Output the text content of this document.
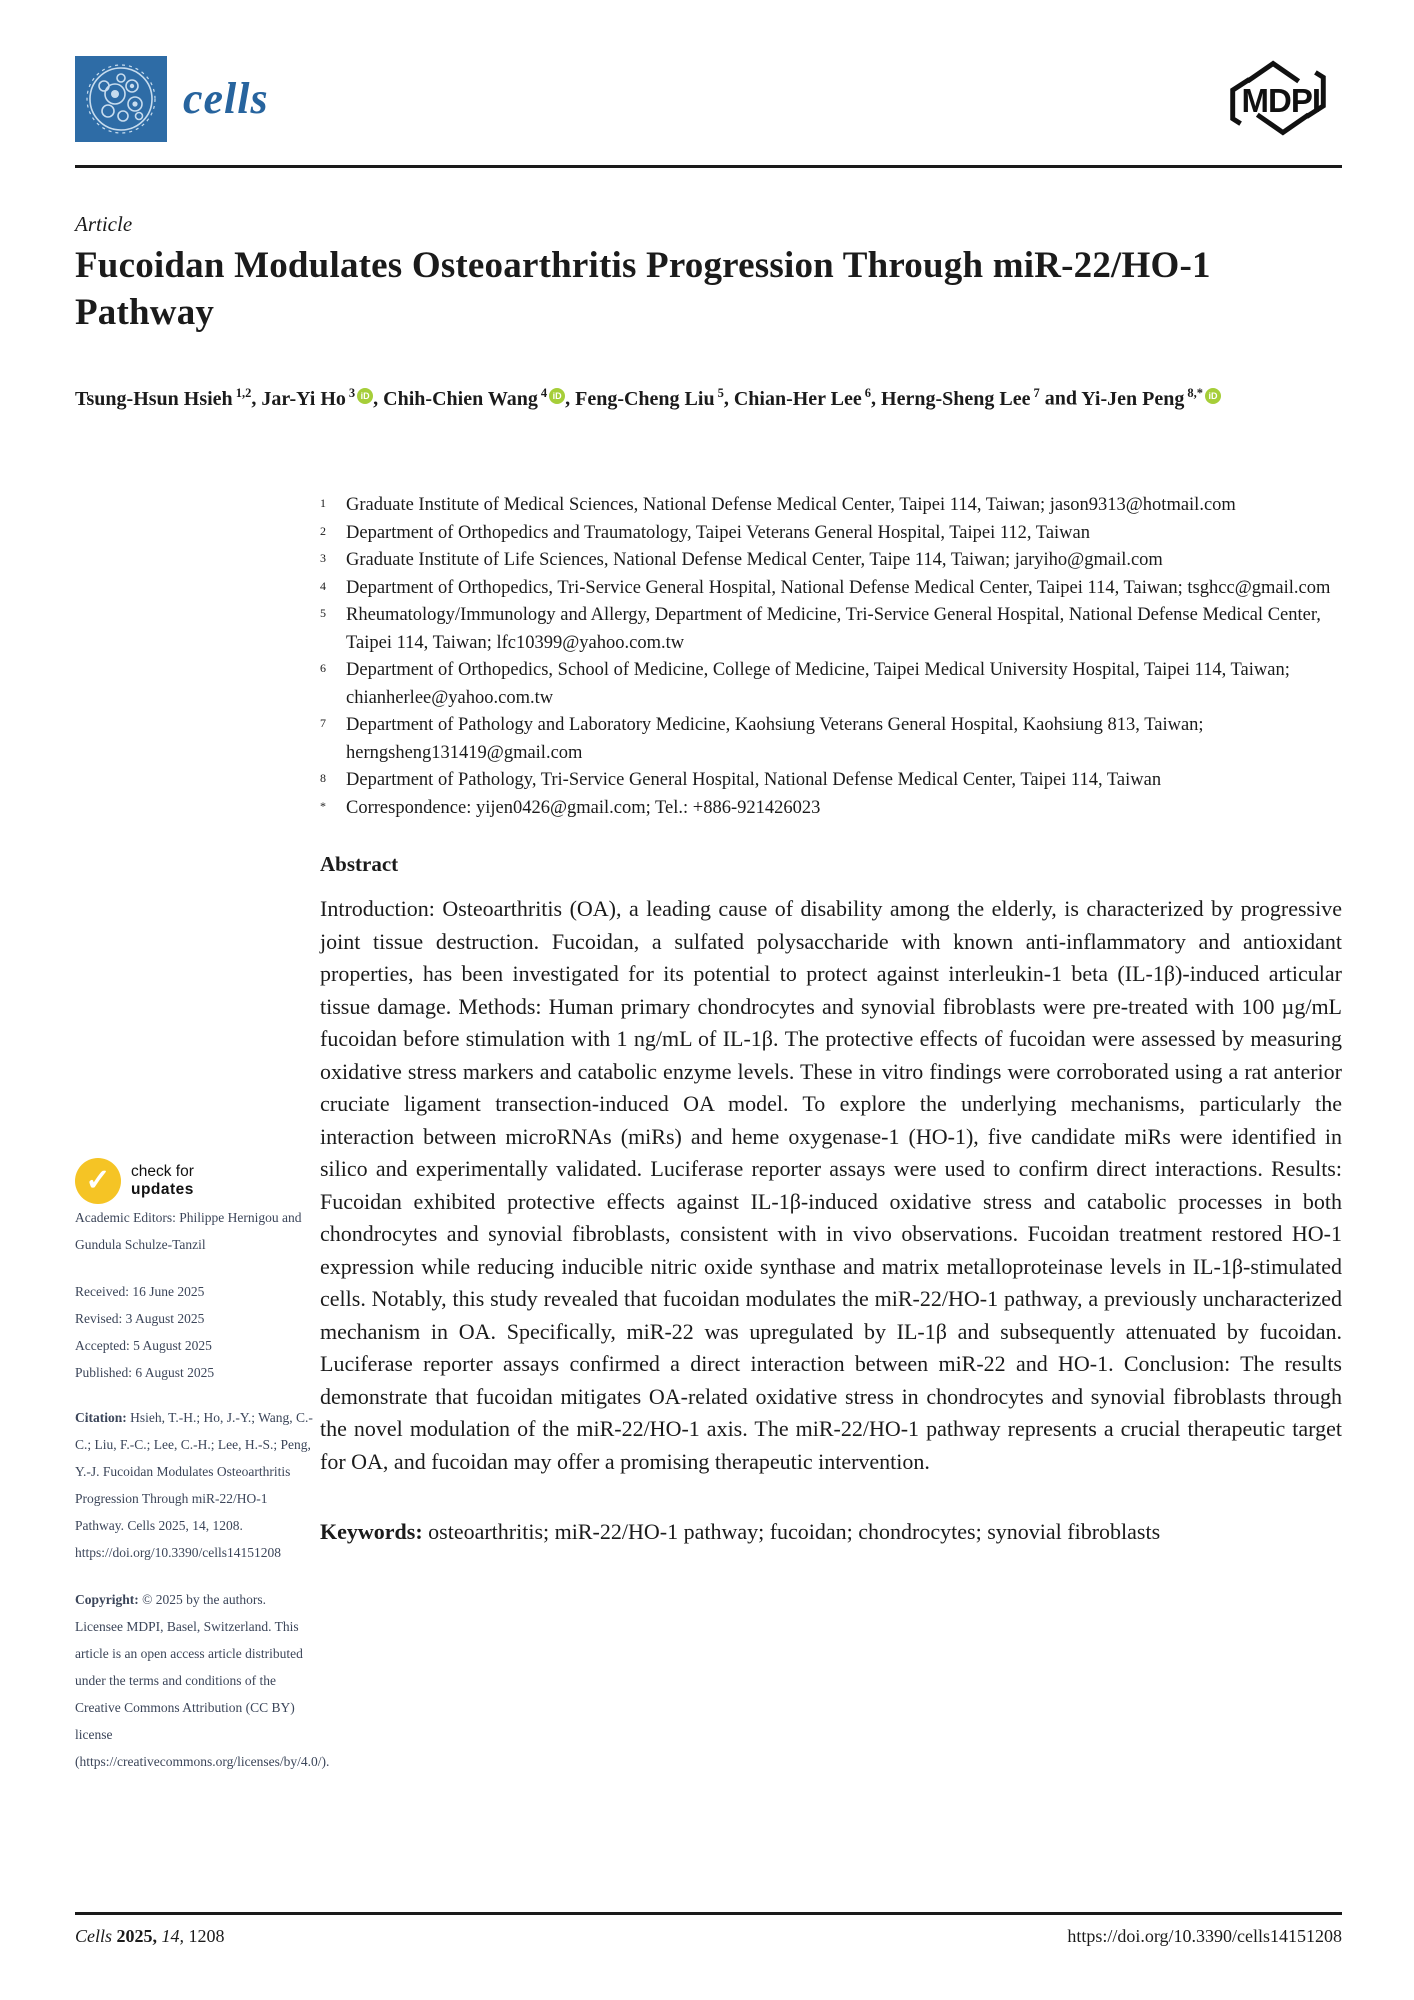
cells	MDPI
Article
Fucoidan Modulates Osteoarthritis Progression Through miR-22/HO-1 Pathway
Tsung-Hsun Hsieh $^{1,2}$, Jar-Yi Ho $^3$ iD , Chih-Chien Wang $^4$ iD , Feng-Cheng Liu $^5$, Chian-Her Lee $^6$, Herng-Sheng Lee $^7$ and Yi-Jen Peng $^{8,*}$ iD
✓	check for
updates

Academic Editors: Philippe Hernigou and Gundula Schulze-Tanzil

Received: 16 June 2025
Revised: 3 August 2025
Accepted: 5 August 2025
Published: 6 August 2025

Citation: Hsieh, T.-H.; Ho, J.-Y.; Wang, C.-C.; Liu, F.-C.; Lee, C.-H.; Lee, H.-S.; Peng, Y.-J. Fucoidan Modulates Osteoarthritis Progression Through miR-22/HO-1 Pathway. Cells 2025, 14, 1208. https://doi.org/10.3390/cells14151208

Copyright: © 2025 by the authors. Licensee MDPI, Basel, Switzerland. This article is an open access article distributed under the terms and conditions of the Creative Commons Attribution (CC BY) license (https://creativecommons.org/licenses/by/4.0/).

1	Graduate Institute of Medical Sciences, National Defense Medical Center, Taipei 114, Taiwan; jason9313@hotmail.com
2	Department of Orthopedics and Traumatology, Taipei Veterans General Hospital, Taipei 112, Taiwan
3	Graduate Institute of Life Sciences, National Defense Medical Center, Taipe 114, Taiwan; jaryiho@gmail.com
4	Department of Orthopedics, Tri-Service General Hospital, National Defense Medical Center, Taipei 114, Taiwan; tsghcc@gmail.com
5	Rheumatology/Immunology and Allergy, Department of Medicine, Tri-Service General Hospital, National Defense Medical Center, Taipei 114, Taiwan; lfc10399@yahoo.com.tw
6	Department of Orthopedics, School of Medicine, College of Medicine, Taipei Medical University Hospital, Taipei 114, Taiwan; chianherlee@yahoo.com.tw
7	Department of Pathology and Laboratory Medicine, Kaohsiung Veterans General Hospital, Kaohsiung 813, Taiwan; herngsheng131419@gmail.com
8	Department of Pathology, Tri-Service General Hospital, National Defense Medical Center, Taipei 114, Taiwan
*	Correspondence: yijen0426@gmail.com; Tel.: +886-921426023
Abstract

Introduction: Osteoarthritis (OA), a leading cause of disability among the elderly, is characterized by progressive joint tissue destruction. Fucoidan, a sulfated polysaccharide with known anti-inflammatory and antioxidant properties, has been investigated for its potential to protect against interleukin-1 beta (IL-1β)-induced articular tissue damage. Methods: Human primary chondrocytes and synovial fibroblasts were pre-treated with 100 µg/mL fucoidan before stimulation with 1 ng/mL of IL-1β. The protective effects of fucoidan were assessed by measuring oxidative stress markers and catabolic enzyme levels. These in vitro findings were corroborated using a rat anterior cruciate ligament transection-induced OA model. To explore the underlying mechanisms, particularly the interaction between microRNAs (miRs) and heme oxygenase-1 (HO-1), five candidate miRs were identified in silico and experimentally validated. Luciferase reporter assays were used to confirm direct interactions. Results: Fucoidan exhibited protective effects against IL-1β-induced oxidative stress and catabolic processes in both chondrocytes and synovial fibroblasts, consistent with in vivo observations. Fucoidan treatment restored HO-1 expression while reducing inducible nitric oxide synthase and matrix metalloproteinase levels in IL-1β-stimulated cells. Notably, this study revealed that fucoidan modulates the miR-22/HO-1 pathway, a previously uncharacterized mechanism in OA. Specifically, miR-22 was upregulated by IL-1β and subsequently attenuated by fucoidan. Luciferase reporter assays confirmed a direct interaction between miR-22 and HO-1. Conclusion: The results demonstrate that fucoidan mitigates OA-related oxidative stress in chondrocytes and synovial fibroblasts through the novel modulation of the miR-22/HO-1 axis. The miR-22/HO-1 pathway represents a crucial therapeutic target for OA, and fucoidan may offer a promising therapeutic intervention.

Keywords: osteoarthritis; miR-22/HO-1 pathway; fucoidan; chondrocytes; synovial fibroblasts

Cells 2025, 14, 1208	https://doi.org/10.3390/cells14151208
